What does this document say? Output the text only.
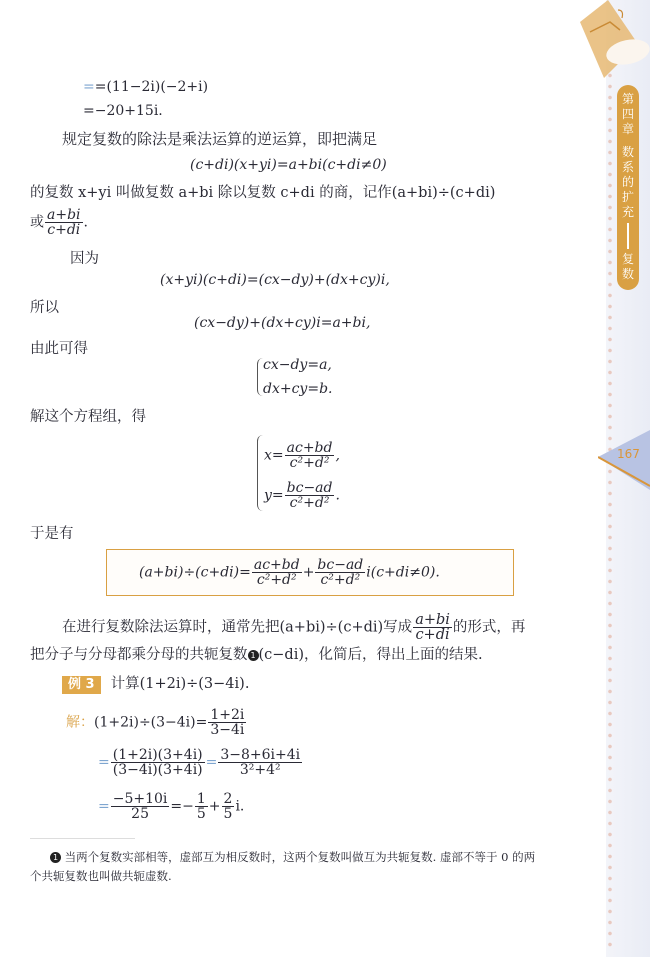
第
四
章
数
系
的
扩
充
复
数
167
==(11−2i)(−2+i)
=−20+15i.
规定复数的除法是乘法运算的逆运算，即把满足
(c+di)(x+yi)=a+bi(c+di≠0)
的复数 x+yi 叫做复数 a+bi 除以复数 c+di 的商，记作(a+bi)÷(c+di)
或 $\frac{a+bi}{c+di}$ .
因为
(x+yi)(c+di)=(cx−dy)+(dx+cy)i,
所以
(cx−dy)+(dx+cy)i=a+bi,
由此可得
cx−dy=a,
dx+cy=b.
解这个方程组，得
$x= \frac{ac+bd}{\text{c²+d²}}$ ,
$y= \frac{bc-ad}{\text{c²+d²}}$ .
于是有
$(a+bi)\div(c+di)= \frac{ac+bd}{\text{c²+d²}} + \frac{bc-ad}{\text{c²+d²}} i(c+di\ne 0)$.
在进行复数除法运算时，通常先把(a+bi)÷(c+di)写成 $\frac{a+bi}{c+di}$ 的形式，再
把分子与分母都乘分母的共轭复数 1 (c−di)，化简后，得出上面的结果.
例 3 计算(1+2i)÷(3−4i).
解：$(1+2i)\div(3-4i)= \frac{1+2i}{3-4i}$
= $\frac{(1+2i)(3+4i)}{(3-4i)(3+4i)} = \frac{3-8+6i+4i}{\text{3²+4²}}$
= $\frac{-5+10i}{25} =- \frac{1}{5} + \frac{2}{5} i$.
1 当两个复数实部相等，虚部互为相反数时，这两个复数叫做互为共轭复数. 虚部不等于 0 的两
个共轭复数也叫做共轭虚数.
